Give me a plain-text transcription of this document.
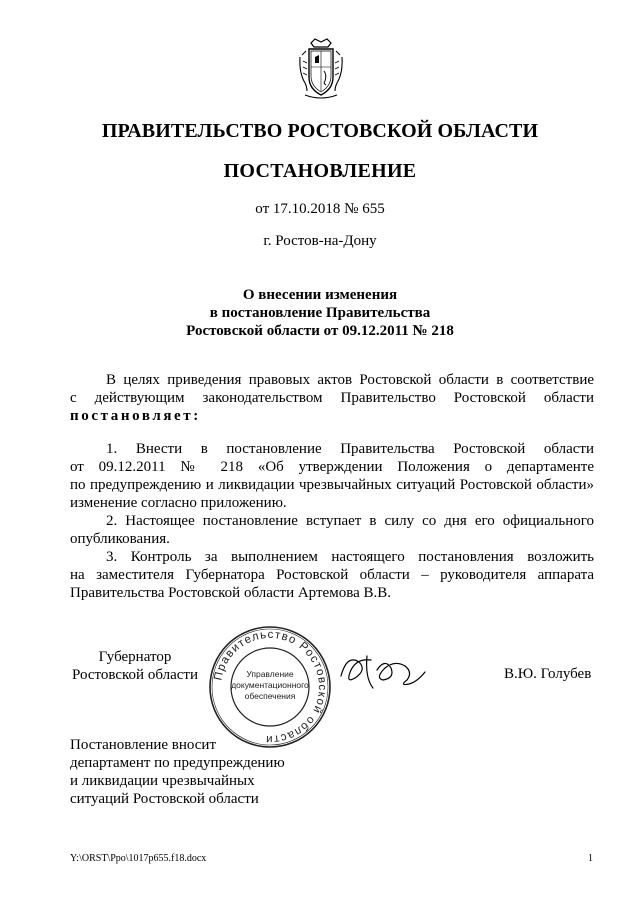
ПРАВИТЕЛЬСТВО РОСТОВСКОЙ ОБЛАСТИ
ПОСТАНОВЛЕНИЕ
от 17.10.2018 № 655
г. Ростов-на-Дону
О внесении изменения
в постановление Правительства
Ростовской области от 09.12.2011 № 218
В целях приведения правовых актов Ростовской области в соответствие
с действующим законодательством Правительство Ростовской области
постановляет:
1. Внести в постановление Правительства Ростовской области
от 09.12.2011 № 218 «Об утверждении Положения о департаменте
по предупреждению и ликвидации чрезвычайных ситуаций Ростовской области»
изменение согласно приложению.
2. Настоящее постановление вступает в силу со дня его официального
опубликования.
3. Контроль за выполнением настоящего постановления возложить
на заместителя Губернатора Ростовской области – руководителя аппарата
Правительства Ростовской области Артемова В.В.
Губернатор
Ростовской области Правительство Ростовской области
Управление
документационного
обеспечения
В.Ю. Голубев
Постановление вносит
департамент по предупреждению
и ликвидации чрезвычайных
ситуаций Ростовской области
Y:\ORST\Ppo\1017p655.f18.docx	1
